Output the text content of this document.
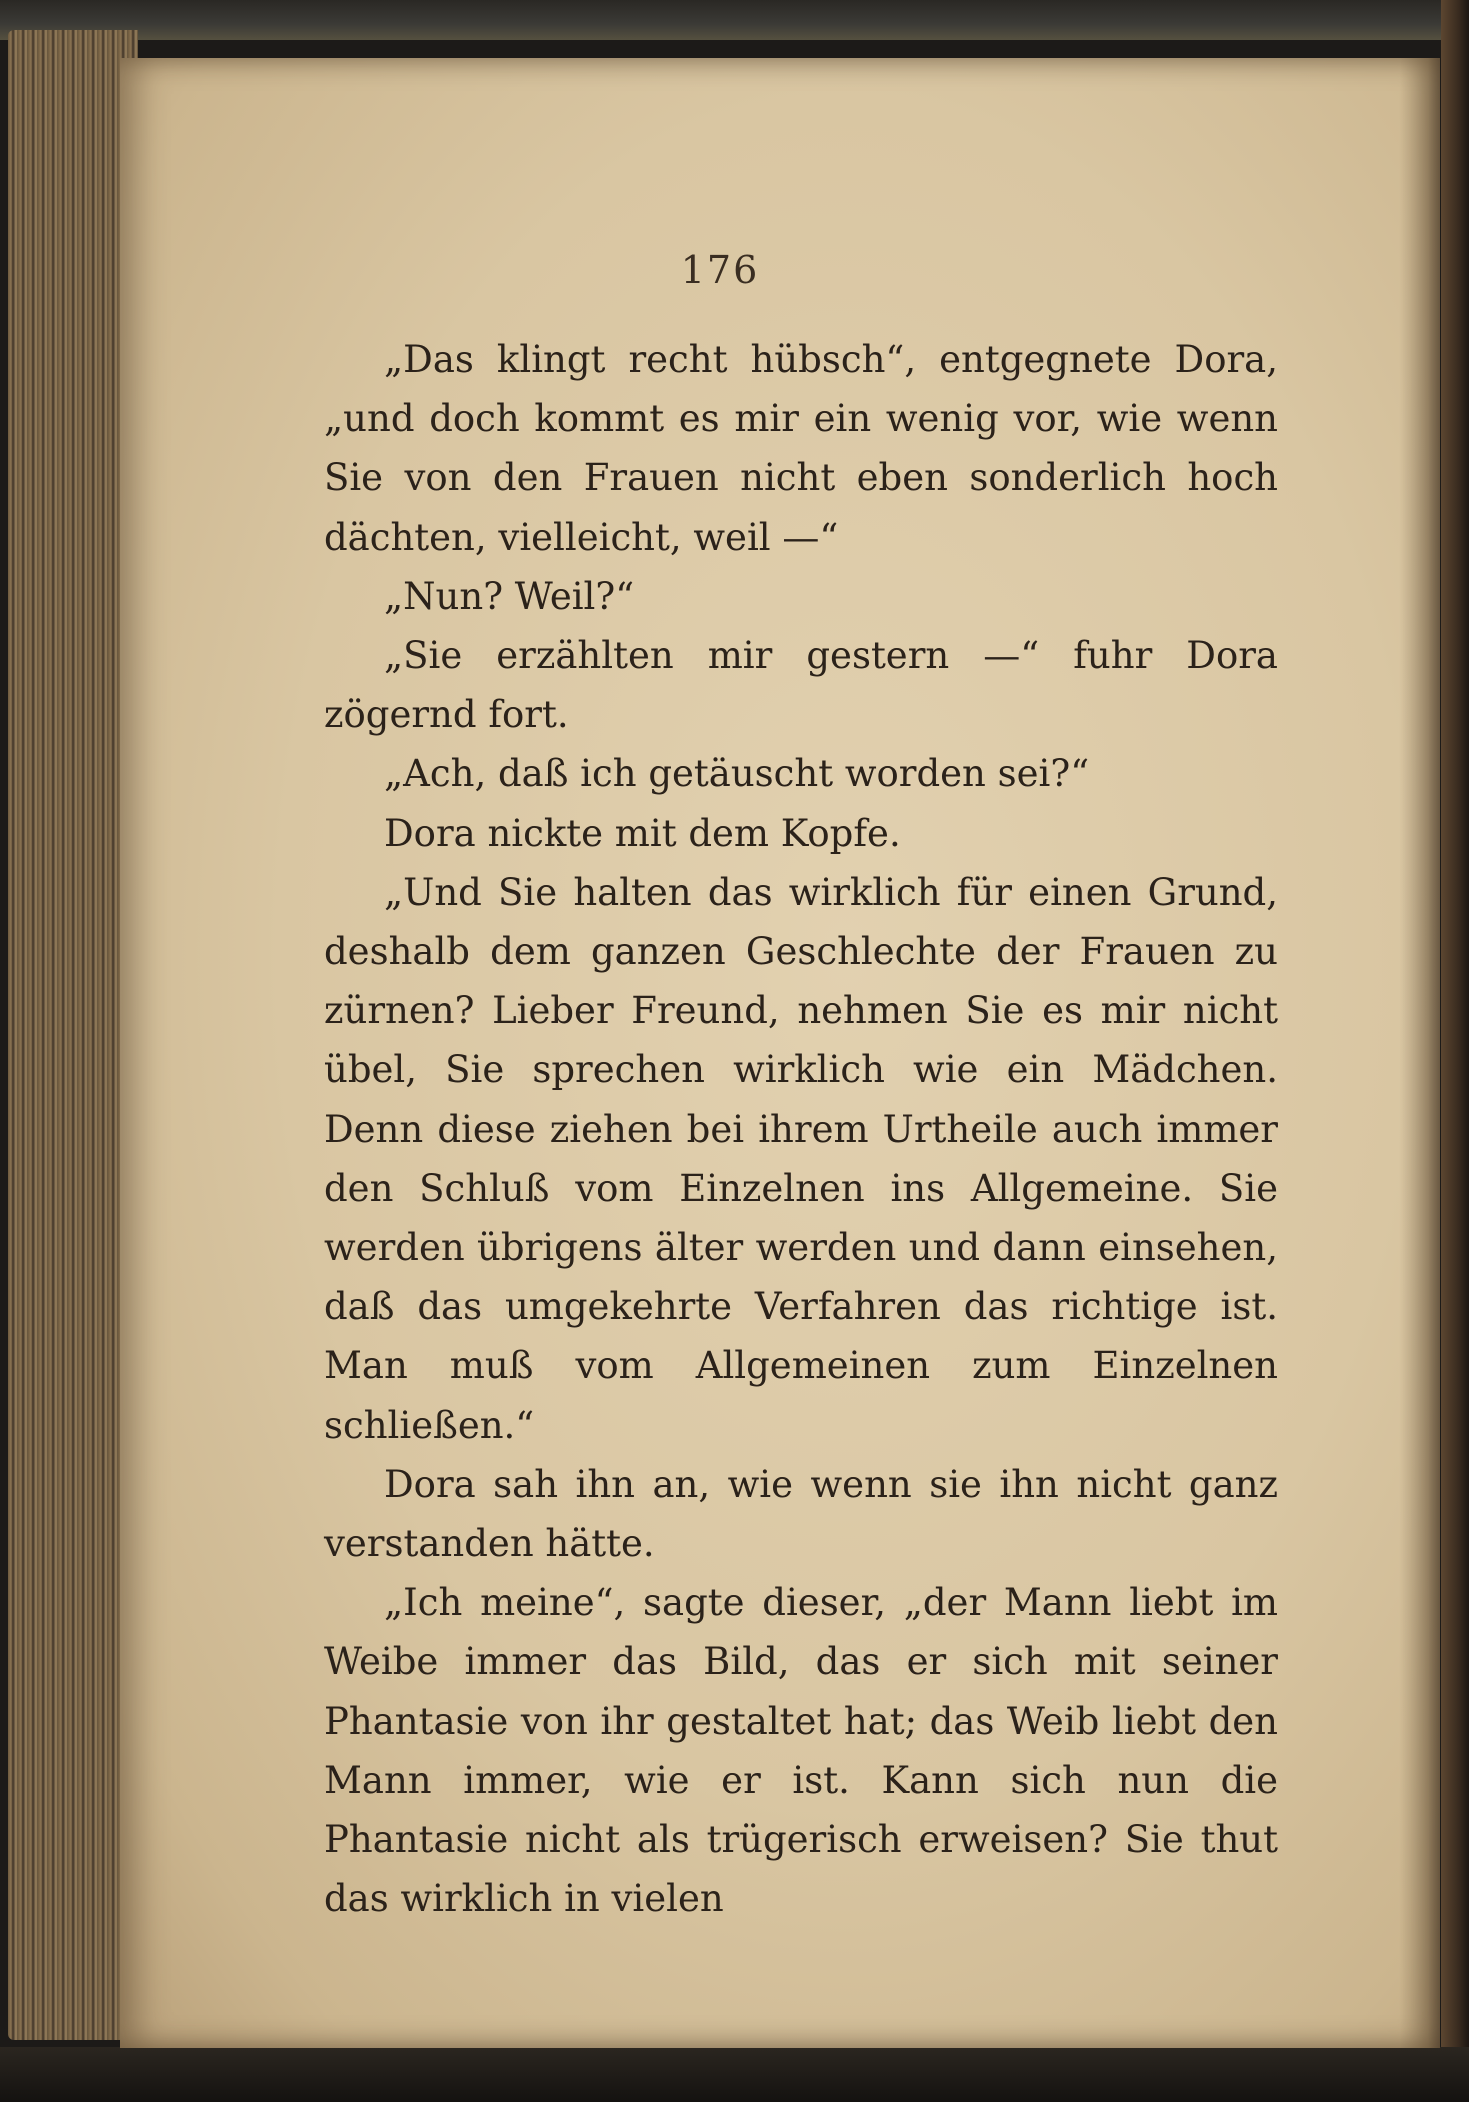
176

„Das klingt recht hübsch“, entgegnete Dora, „und doch kommt es mir ein wenig vor, wie wenn Sie von den Frauen nicht eben sonderlich hoch dächten, vielleicht, weil —“

„Nun? Weil?“

„Sie erzählten mir gestern —“ fuhr Dora zögernd fort.

„Ach, daß ich getäuscht worden sei?“

Dora nickte mit dem Kopfe.

„Und Sie halten das wirklich für einen Grund, deshalb dem ganzen Geschlechte der Frauen zu zürnen? Lieber Freund, nehmen Sie es mir nicht übel, Sie sprechen wirklich wie ein Mädchen. Denn diese ziehen bei ihrem Urtheile auch immer den Schluß vom Einzelnen ins Allgemeine. Sie werden übrigens älter werden und dann einsehen, daß das umgekehrte Verfahren das richtige ist. Man muß vom Allgemeinen zum Einzelnen schließen.“

Dora sah ihn an, wie wenn sie ihn nicht ganz verstanden hätte.

„Ich meine“, sagte dieser, „der Mann liebt im Weibe immer das Bild, das er sich mit seiner Phantasie von ihr gestaltet hat; das Weib liebt den Mann immer, wie er ist. Kann sich nun die Phantasie nicht als trügerisch erweisen? Sie thut das wirklich in vielen
